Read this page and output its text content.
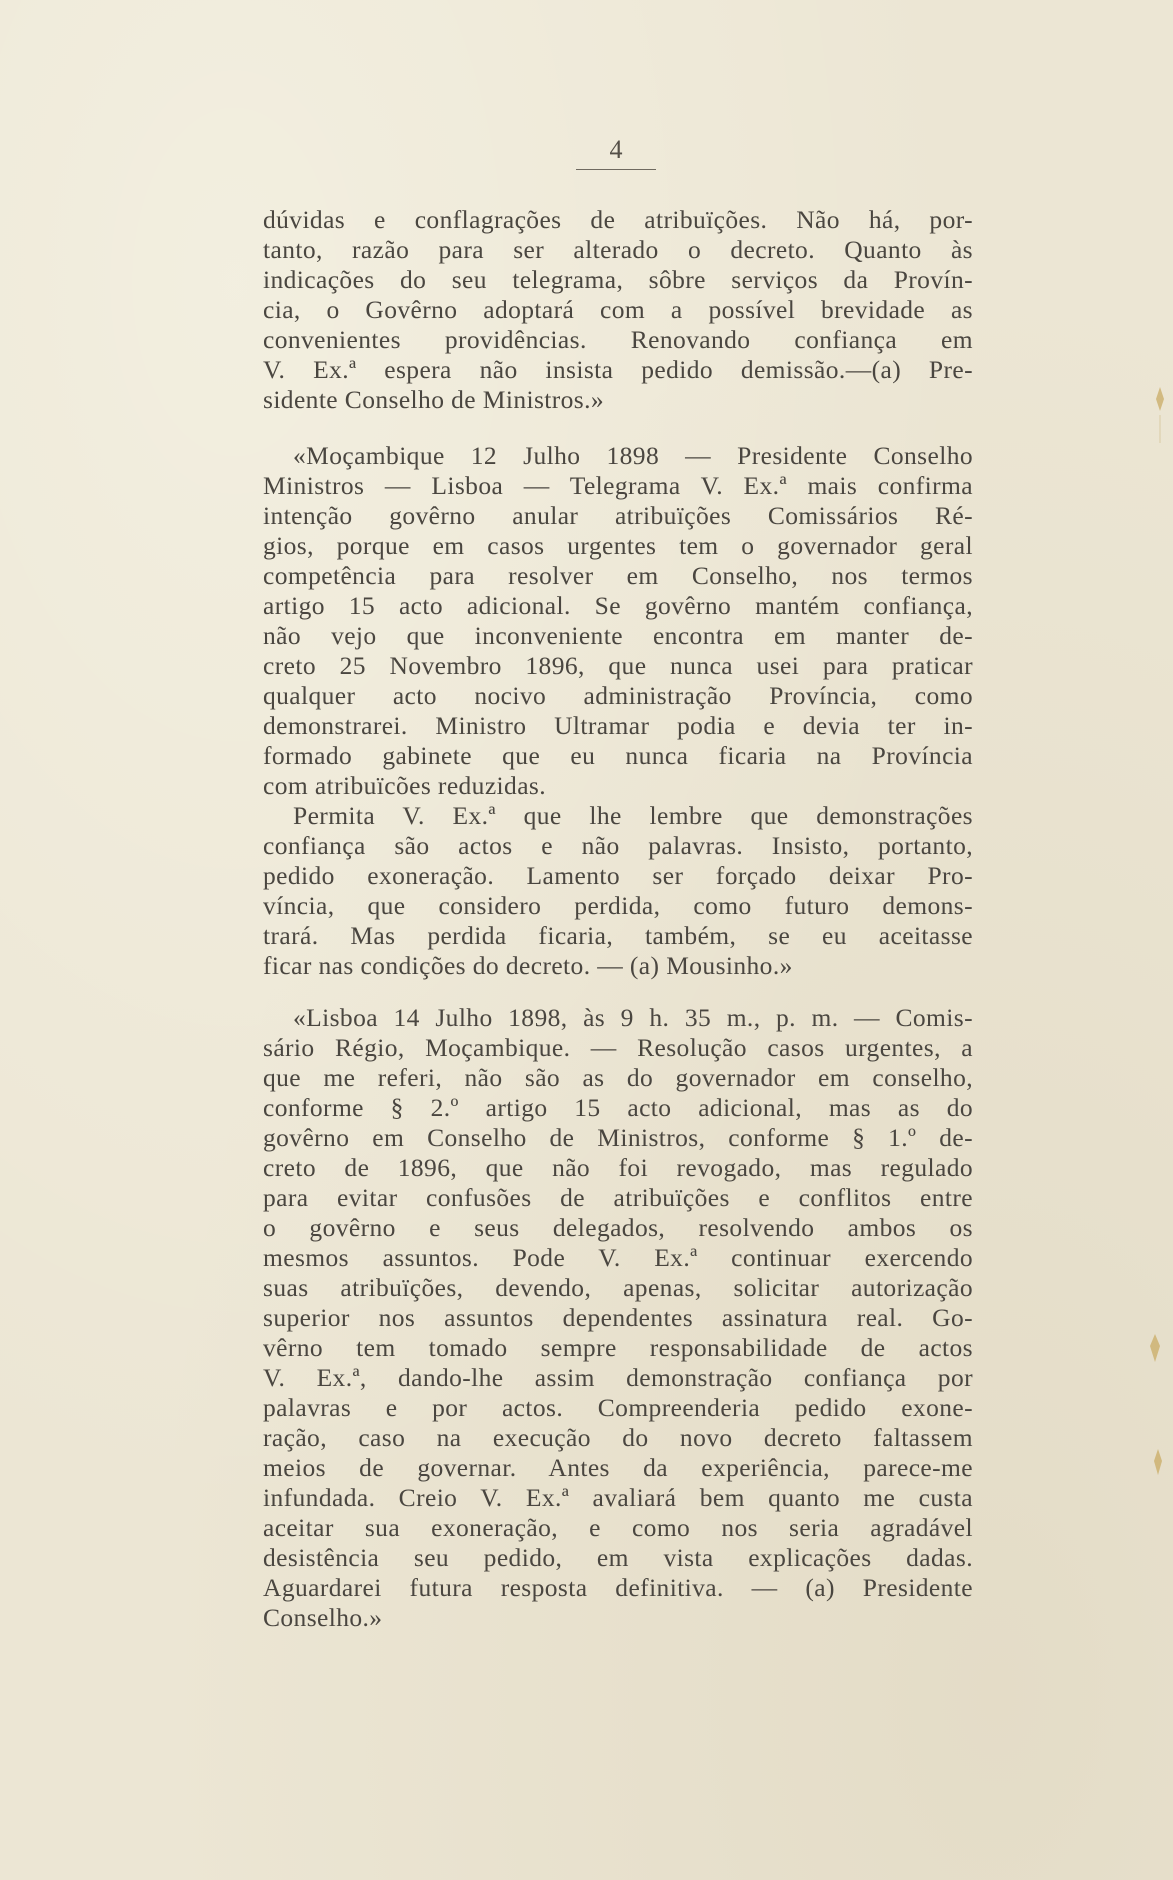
4
dúvidas e conflagrações de atribuïções. Não há, por-
tanto, razão para ser alterado o decreto. Quanto às
indicações do seu telegrama, sôbre serviços da Provín-
cia, o Govêrno adoptará com a possível brevidade as
convenientes providências. Renovando confiança em
V. Ex.ª espera não insista pedido demissão.—(a) Pre-
sidente Conselho de Ministros.»
«Moçambique 12 Julho 1898 — Presidente Conselho
Ministros — Lisboa — Telegrama V. Ex.ª mais confirma
intenção govêrno anular atribuïções Comissários Ré-
gios, porque em casos urgentes tem o governador geral
competência para resolver em Conselho, nos termos
artigo 15 acto adicional. Se govêrno mantém confiança,
não vejo que inconveniente encontra em manter de-
creto 25 Novembro 1896, que nunca usei para praticar
qualquer acto nocivo administração Província, como
demonstrarei. Ministro Ultramar podia e devia ter in-
formado gabinete que eu nunca ficaria na Província
com atribuïcões reduzidas.
Permita V. Ex.ª que lhe lembre que demonstrações
confiança são actos e não palavras. Insisto, portanto,
pedido exoneração. Lamento ser forçado deixar Pro-
víncia, que considero perdida, como futuro demons-
trará. Mas perdida ficaria, também, se eu aceitasse
ficar nas condições do decreto. — (a) Mousinho.»
«Lisboa 14 Julho 1898, às 9 h. 35 m., p. m. — Comis-
sário Régio, Moçambique. — Resolução casos urgentes, a
que me referi, não são as do governador em conselho,
conforme § 2.º artigo 15 acto adicional, mas as do
govêrno em Conselho de Ministros, conforme § 1.º de-
creto de 1896, que não foi revogado, mas regulado
para evitar confusões de atribuïções e conflitos entre
o govêrno e seus delegados, resolvendo ambos os
mesmos assuntos. Pode V. Ex.ª continuar exercendo
suas atribuïções, devendo, apenas, solicitar autorização
superior nos assuntos dependentes assinatura real. Go-
vêrno tem tomado sempre responsabilidade de actos
V. Ex.ª, dando-lhe assim demonstração confiança por
palavras e por actos. Compreenderia pedido exone-
ração, caso na execução do novo decreto faltassem
meios de governar. Antes da experiência, parece-me
infundada. Creio V. Ex.ª avaliará bem quanto me custa
aceitar sua exoneração, e como nos seria agradável
desistência seu pedido, em vista explicações dadas.
Aguardarei futura resposta definitiva. — (a) Presidente
Conselho.»
